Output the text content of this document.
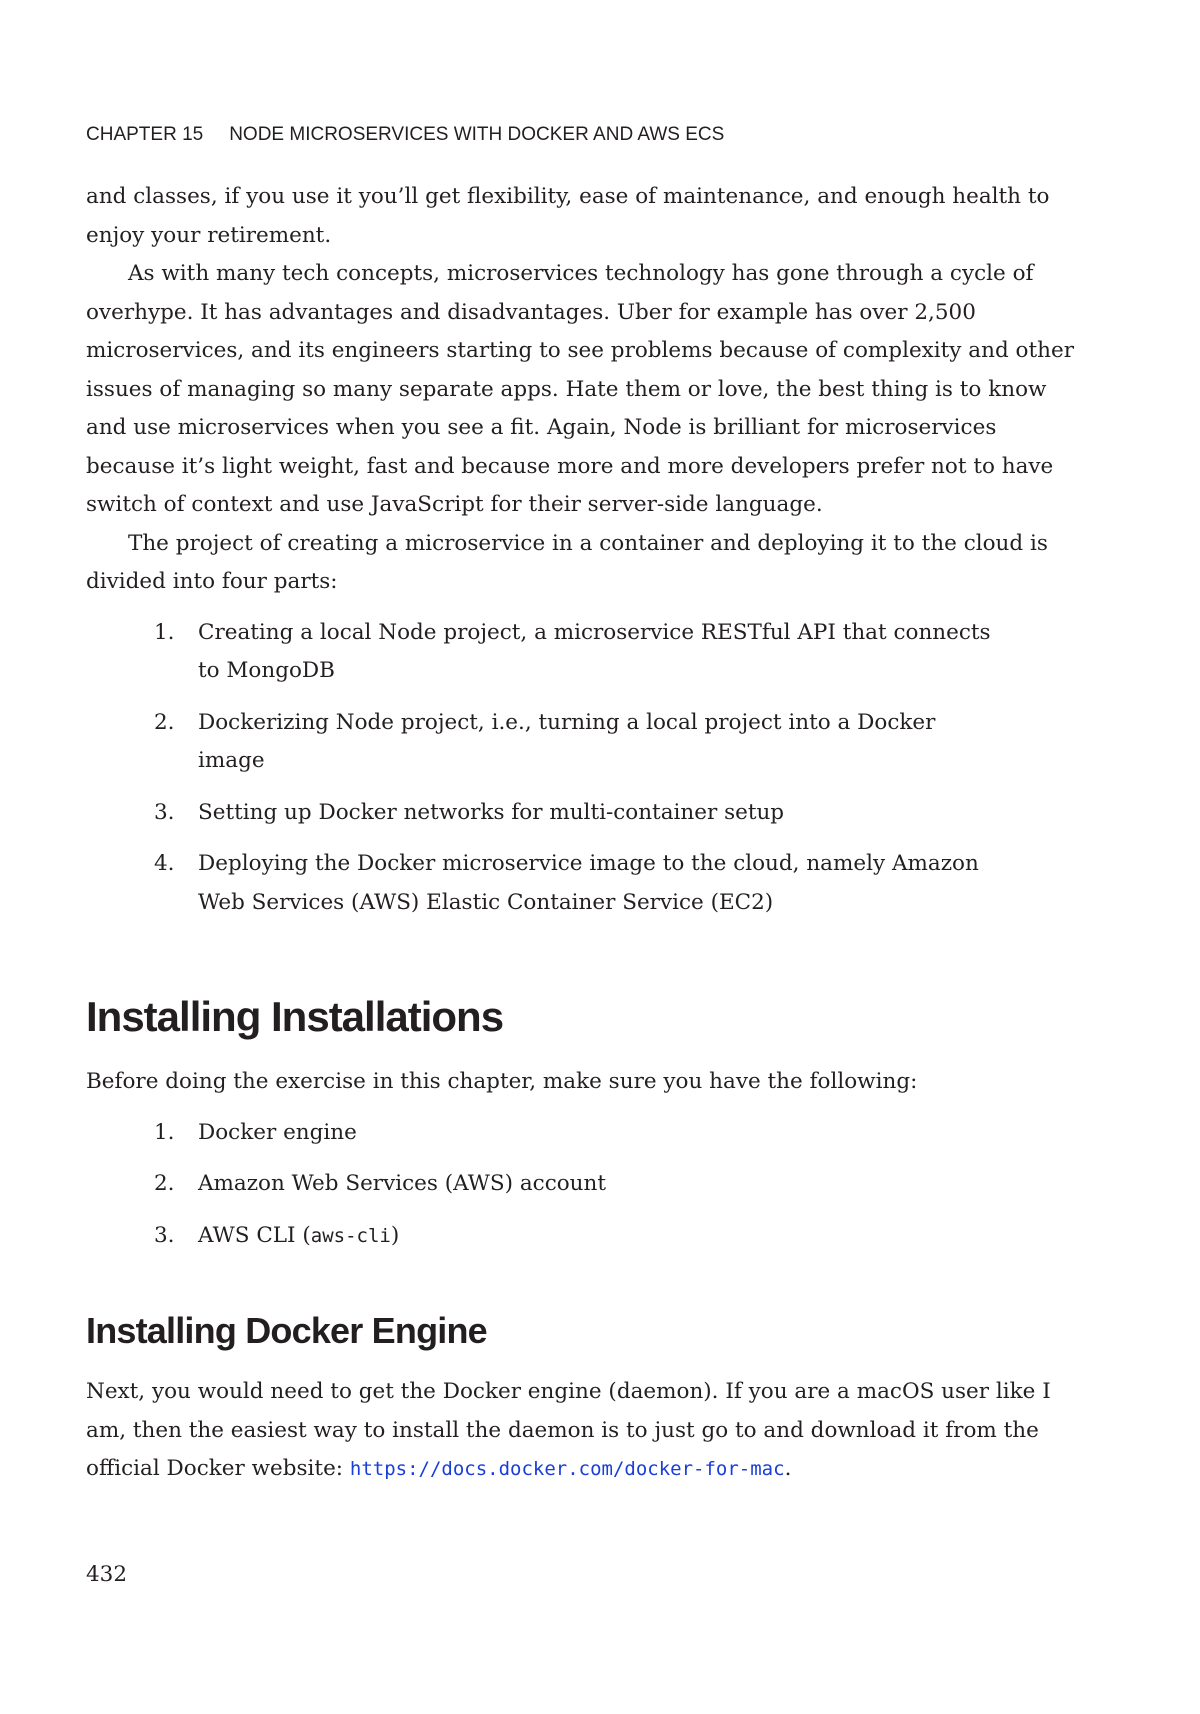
CHAPTER 15 NODE MICROSERVICES WITH DOCKER AND AWS ECS

and classes, if you use it you’ll get flexibility, ease of maintenance, and enough health to enjoy your retirement.

As with many tech concepts, microservices technology has gone through a cycle of overhype. It has advantages and disadvantages. Uber for example has over 2,500 microservices, and its engineers starting to see problems because of complexity and other issues of managing so many separate apps. Hate them or love, the best thing is to know and use microservices when you see a fit. Again, Node is brilliant for microservices because it’s light weight, fast and because more and more developers prefer not to have switch of context and use JavaScript for their server-side language.

The project of creating a microservice in a container and deploying it to the cloud is divided into four parts:

1.	Creating a local Node project, a microservice RESTful API that connects to MongoDB
2.	Dockerizing Node project, i.e., turning a local project into a Docker image
3.	Setting up Docker networks for multi-container setup
4.	Deploying the Docker microservice image to the cloud, namely Amazon Web Services (AWS) Elastic Container Service (EC2)
Installing Installations

Before doing the exercise in this chapter, make sure you have the following:

1.	Docker engine
2.	Amazon Web Services (AWS) account
3.	AWS CLI (aws-cli)
Installing Docker Engine

Next, you would need to get the Docker engine (daemon). If you are a macOS user like I am, then the easiest way to install the daemon is to just go to and download it from the official Docker website: https://docs.docker.com/docker-for-mac.

432
